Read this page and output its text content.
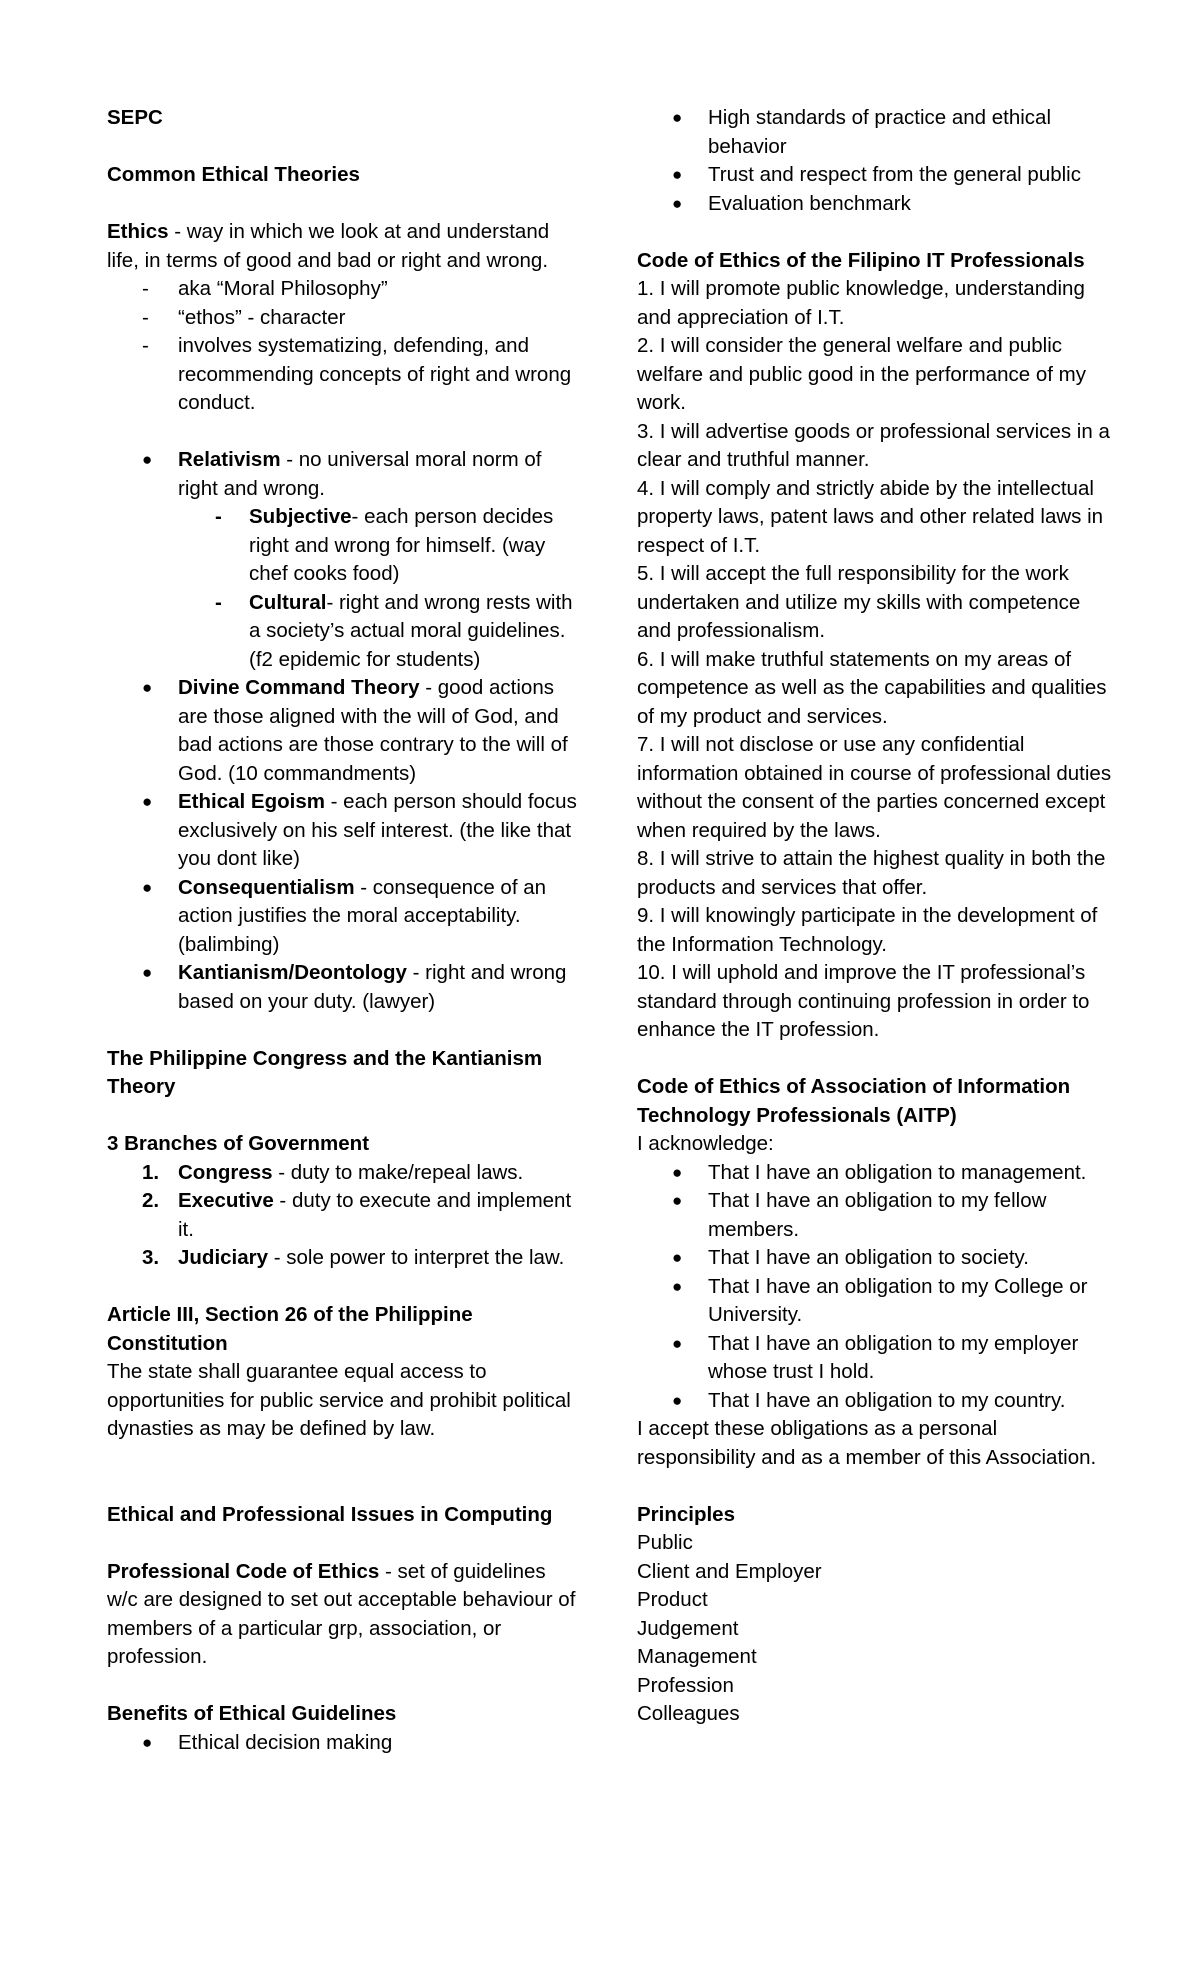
SEPC

Common Ethical Theories

Ethics - way in which we look at and understand life, in terms of good and bad or right and wrong.

- aka “Moral Philosophy”
- “ethos” - character
- involves systematizing, defending, and recommending concepts of right and wrong conduct.
● Relativism - no universal moral norm of right and wrong.
- Subjective- each person decides right and wrong for himself. (way chef cooks food)
- Cultural- right and wrong rests with a society’s actual moral guidelines. (f2 epidemic for students)
● Divine Command Theory - good actions are those aligned with the will of God, and bad actions are those contrary to the will of God. (10 commandments)
● Ethical Egoism - each person should focus exclusively on his self interest. (the like that you dont like)
● Consequentialism - consequence of an action justifies the moral acceptability. (balimbing)
● Kantianism/Deontology - right and wrong based on your duty. (lawyer)

The Philippine Congress and the Kantianism Theory

3 Branches of Government

1. Congress - duty to make/repeal laws.
2. Executive - duty to execute and implement it.
3. Judiciary - sole power to interpret the law.

Article III, Section 26 of the Philippine Constitution

The state shall guarantee equal access to opportunities for public service and prohibit political dynasties as may be defined by law.

Ethical and Professional Issues in Computing

Professional Code of Ethics - set of guidelines w/c are designed to set out acceptable behaviour of members of a particular grp, association, or profession.

Benefits of Ethical Guidelines

● Ethical decision making
● High standards of practice and ethical behavior
● Trust and respect from the general public
● Evaluation benchmark

Code of Ethics of the Filipino IT Professionals

1. I will promote public knowledge, understanding and appreciation of I.T.

2. I will consider the general welfare and public welfare and public good in the performance of my work.

3. I will advertise goods or professional services in a clear and truthful manner.

4. I will comply and strictly abide by the intellectual property laws, patent laws and other related laws in respect of I.T.

5. I will accept the full responsibility for the work undertaken and utilize my skills with competence and professionalism.

6. I will make truthful statements on my areas of competence as well as the capabilities and qualities of my product and services.

7. I will not disclose or use any confidential information obtained in course of professional duties without the consent of the parties concerned except when required by the laws.

8. I will strive to attain the highest quality in both the products and services that offer.

9. I will knowingly participate in the development of the Information Technology.

10. I will uphold and improve the IT professional’s standard through continuing profession in order to enhance the IT profession.

Code of Ethics of Association of Information Technology Professionals (AITP)

I acknowledge:

● That I have an obligation to management.
● That I have an obligation to my fellow members.
● That I have an obligation to society.
● That I have an obligation to my College or University.
● That I have an obligation to my employer whose trust I hold.
● That I have an obligation to my country.

I accept these obligations as a personal responsibility and as a member of this Association.

Principles

Public

Client and Employer

Product

Judgement

Management

Profession

Colleagues
